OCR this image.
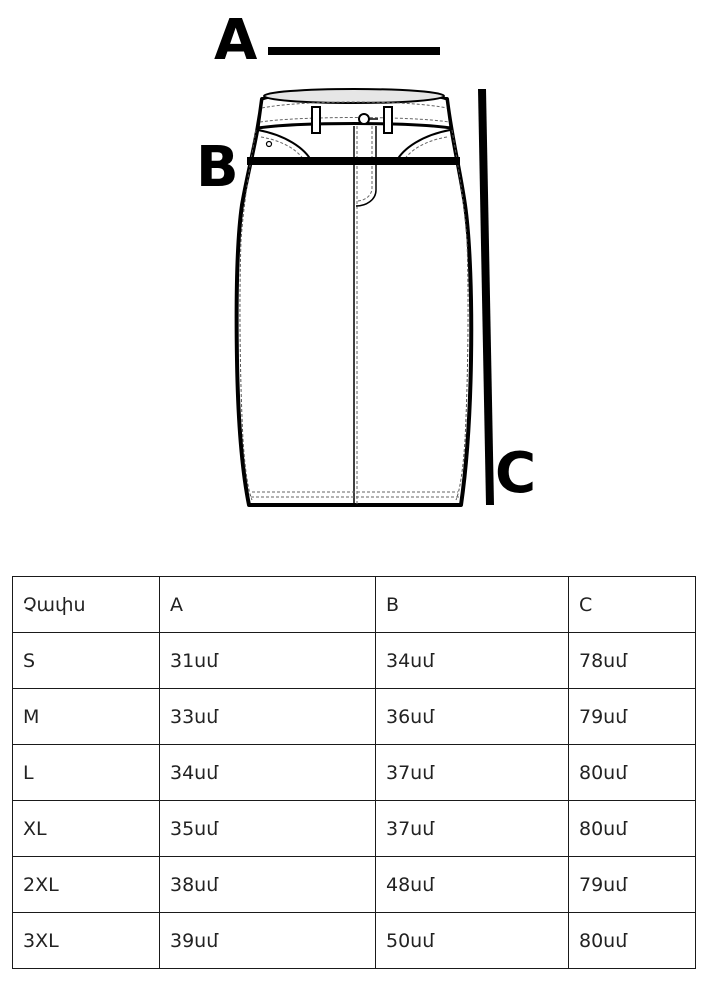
A
B
C
Չափս	A	B	C
S	31սմ	34սմ	78սմ
M	33սմ	36սմ	79սմ
L	34սմ	37սմ	80սմ
XL	35սմ	37սմ	80սմ
2XL	38սմ	48սմ	79սմ
3XL	39սմ	50սմ	80սմ
